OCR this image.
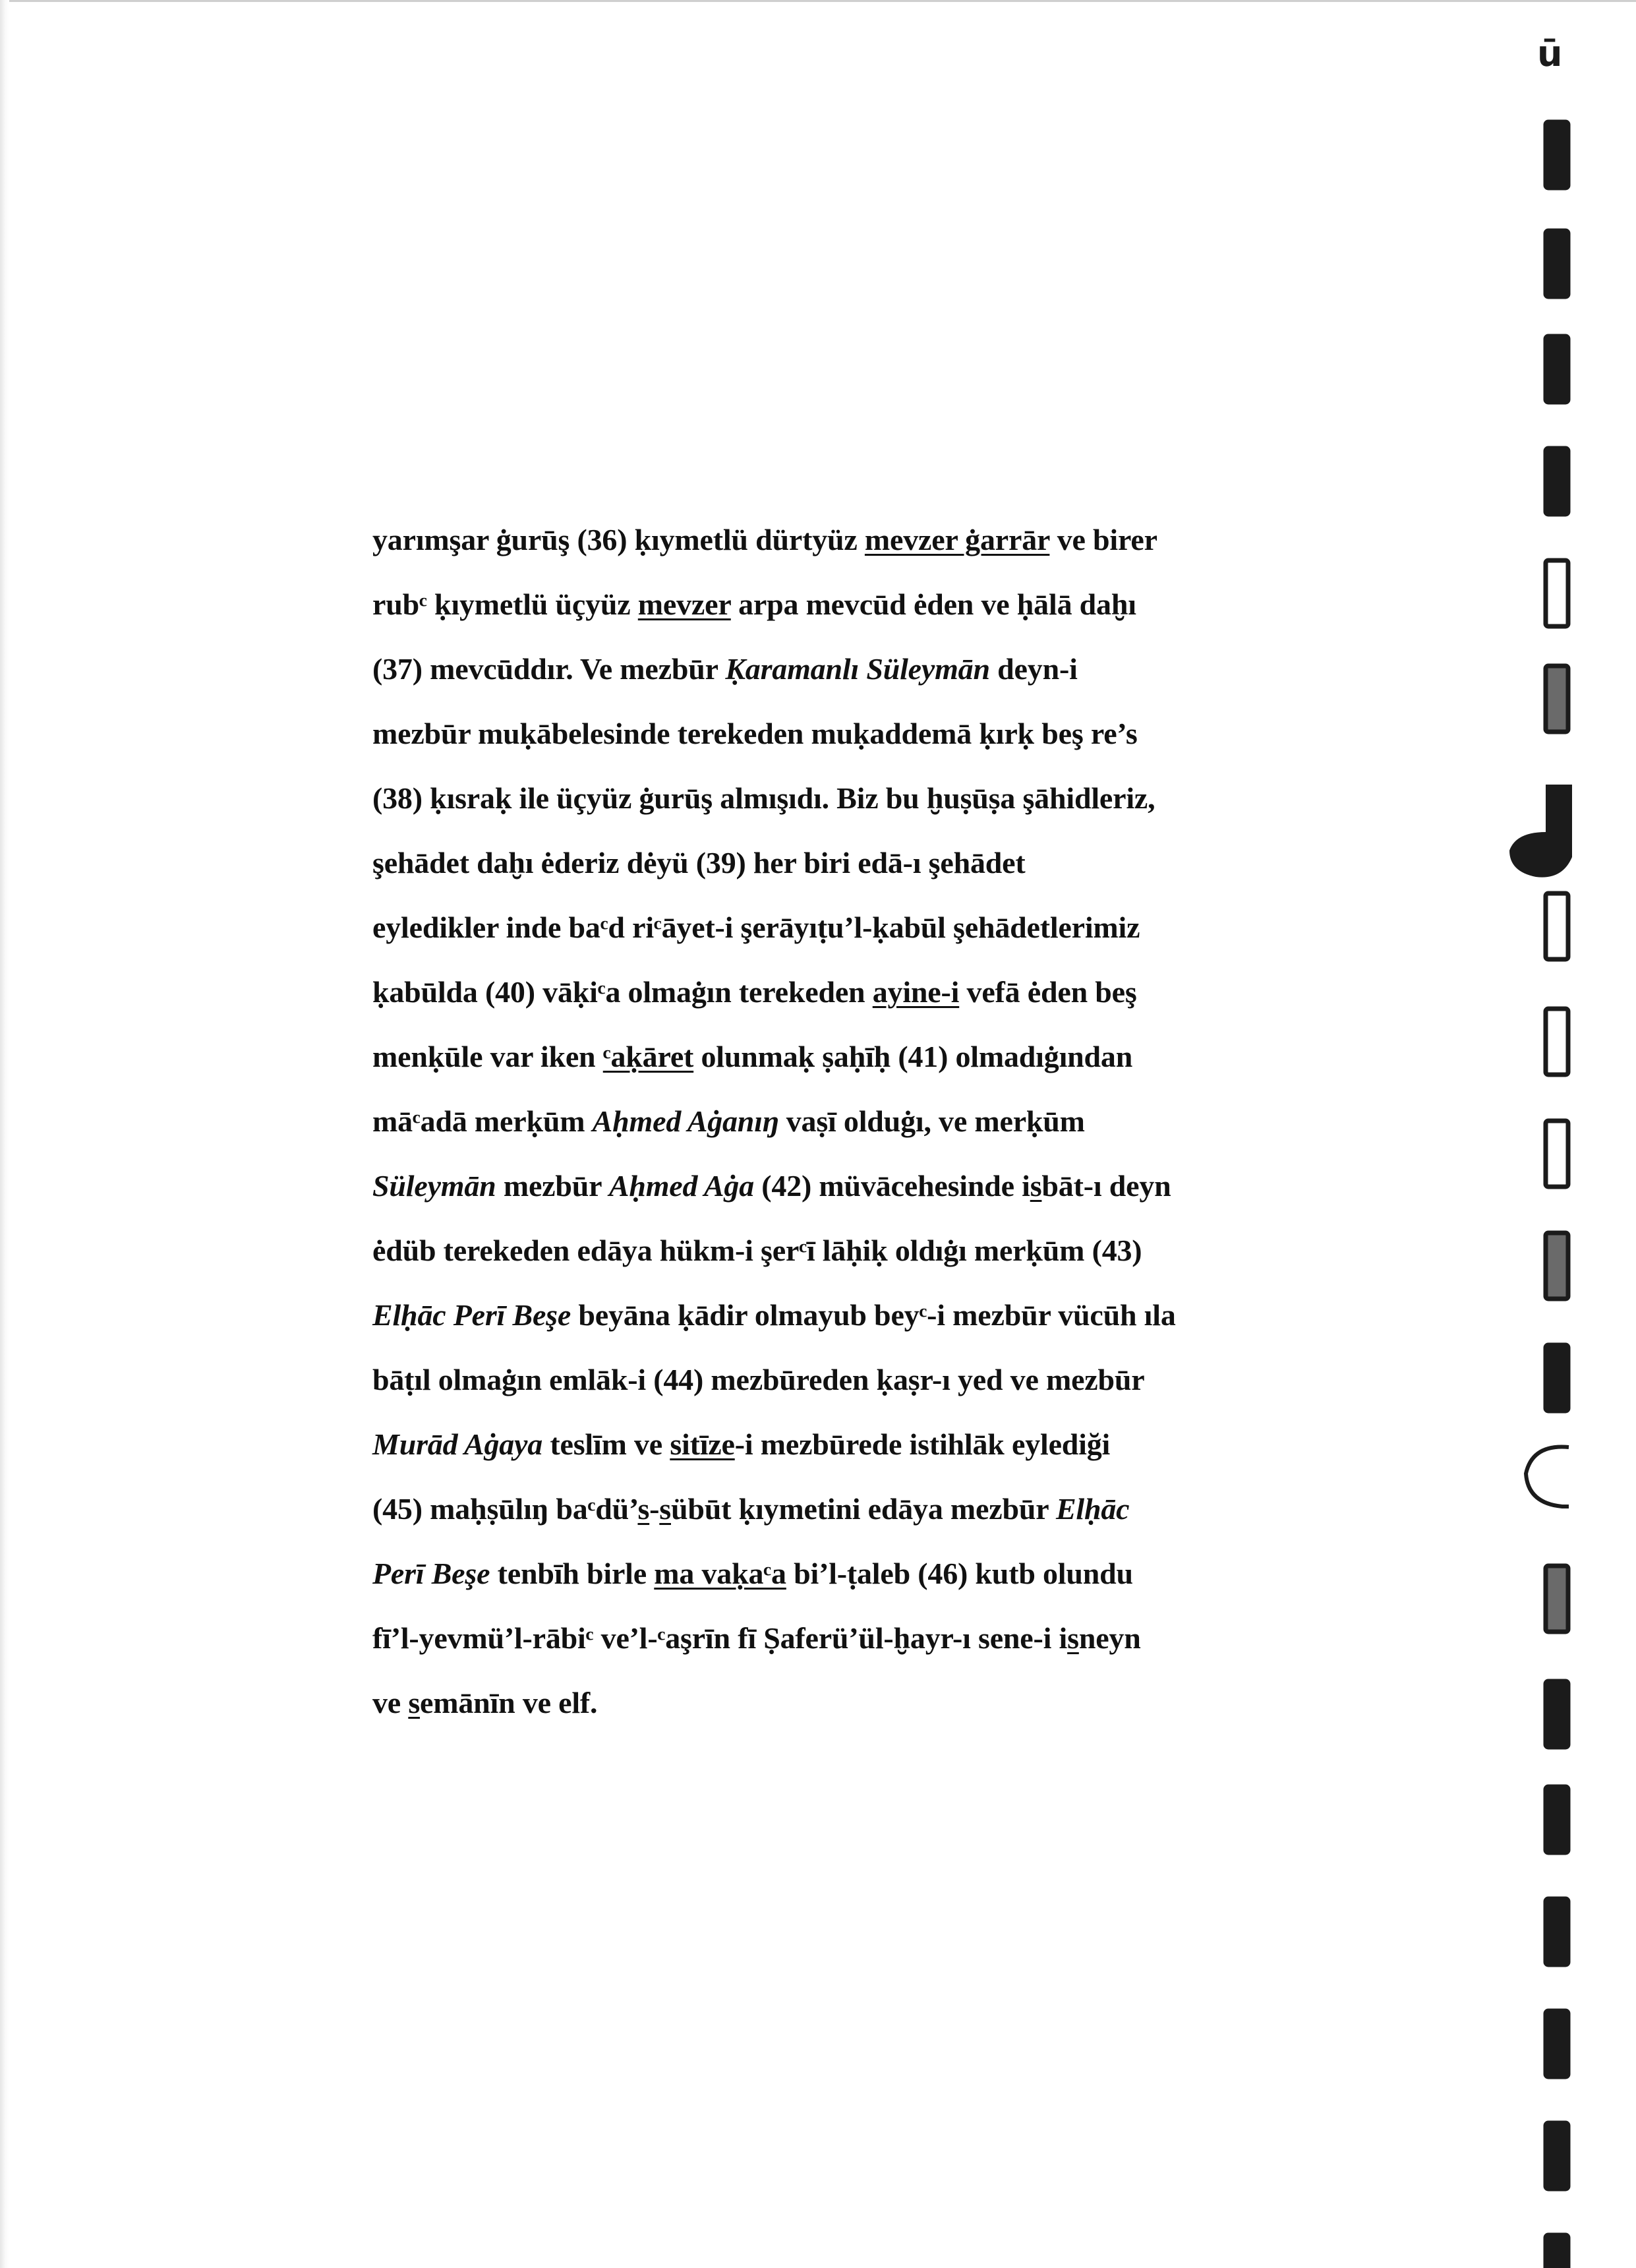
yarımşar ġurūş (36) ḳıymetlü dürtyüz mevzer ġarrār ve birer
rubᶜ ḳıymetlü üçyüz mevzer arpa mevcūd ėden ve ḥālā daḫı
(37) mevcūddır. Ve mezbūr Ḳaramanlı Süleymān deyn-i
mezbūr muḳābelesinde terekeden muḳaddemā ḳırḳ beş re’s
(38) ḳısraḳ ile üçyüz ġurūş almışıdı. Biz bu ḫuṣūṣa şāhidleriz,
şehādet daḫı ėderiz dėyü (39) her biri edā-ı şehādet
eyledikler inde baᶜd riᶜāyet-i şerāyıṭu’l-ḳabūl şehādetlerimiz
ḳabūlda (40) vāḳiᶜa olmaġın terekeden ayine-i vefā ėden beş
menḳūle var iken ᶜaḳāret olunmaḳ ṣaḥīḥ (41) olmadıġından
māᶜadā merḳūm Aḥmed Aġanıŋ vaṣī olduġı, ve merḳūm
Süleymān mezbūr Aḥmed Aġa (42) müvācehesinde isbāt-ı deyn
ėdüb terekeden edāya hükm-i şerᶜī lāḥiḳ oldıġı merḳūm (43)
Elḥāc Perī Beşe beyāna ḳādir olmayub beyᶜ-i mezbūr vücūh ıla
bāṭıl olmaġın emlāk-i (44) mezbūreden ḳaṣr-ı yed ve mezbūr
Murād Aġaya teslīm ve sitīze-i mezbūrede istihlāk eylediği
(45) maḥṣūlıŋ baᶜdü’s-sübūt ḳıymetini edāya mezbūr Elḥāc
Perī Beşe tenbīh birle ma vaḳaᶜa bi’l-ṭaleb (46) kutb olundu
fī’l-yevmü’l-rābiᶜ ve’l-ᶜaşrīn fī Ṣaferü’ül-ḫayr-ı sene-i isneyn
ve semānīn ve elf.
ū
